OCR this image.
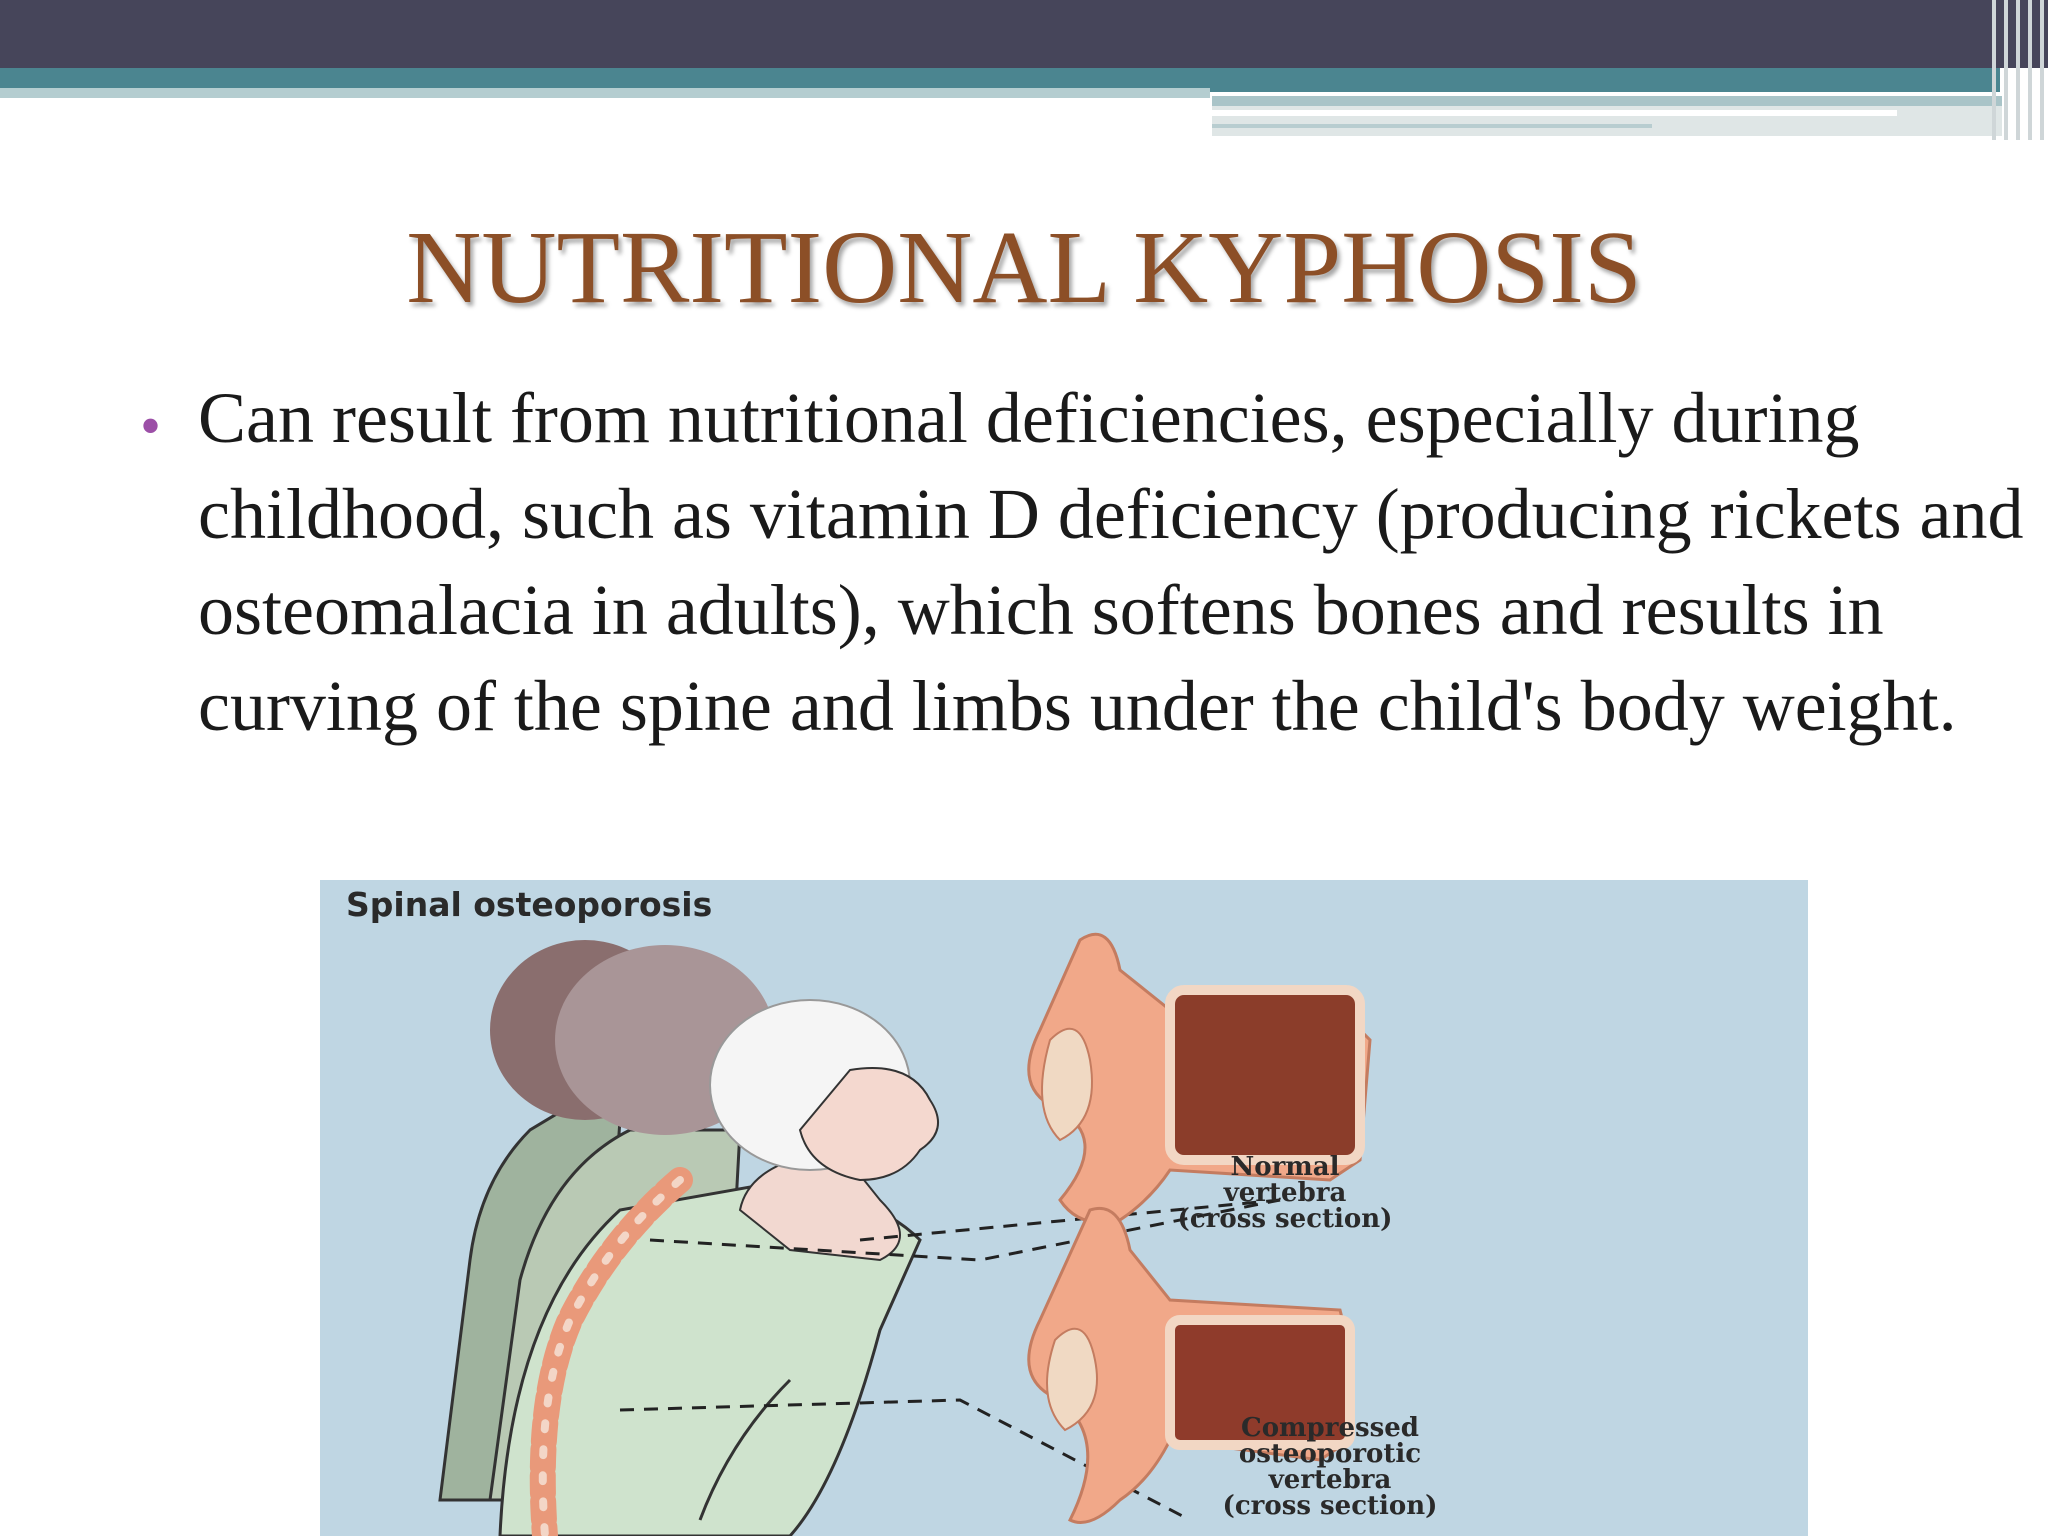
NUTRITIONAL KYPHOSIS
• Can result from nutritional deficiencies, especially during childhood, such as vitamin D deficiency (producing rickets and osteomalacia in adults), which softens bones and results in curving of the spine and limbs under the child's body weight.

Spinal osteoporosis
Normal
vertebra
(cross section)
Compressed
osteoporotic
vertebra
(cross section)
